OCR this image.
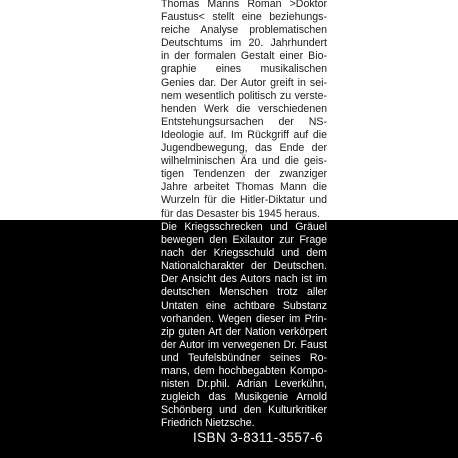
Thomas Manns Roman >Doktor
Faustus< stellt eine beziehungs-
reiche Analyse problematischen
Deutschtums im 20. Jahrhundert
in der formalen Gestalt einer Bio-
graphie eines musikalischen
Genies dar. Der Autor greift in sei-
nem wesentlich politisch zu verste-
henden Werk die verschiedenen
Entstehungsursachen der NS-
Ideologie auf. Im Rückgriff auf die
Jugendbewegung, das Ende der
wilhelminischen Ära und die geis-
tigen Tendenzen der zwanziger
Jahre arbeitet Thomas Mann die
Wurzeln für die Hitler-Diktatur und
für das Desaster bis 1945 heraus.
Die Kriegsschrecken und Gräuel
bewegen den Exilautor zur Frage
nach der Kriegsschuld und dem
Nationalcharakter der Deutschen.
Der Ansicht des Autors nach ist im
deutschen Menschen trotz aller
Untaten eine achtbare Substanz
vorhanden. Wegen dieser im Prin-
zip guten Art der Nation verkörpert
der Autor im verwegenen Dr. Faust
und Teufelsbündner seines Ro-
mans, dem hochbegabten Kompo-
nisten Dr.phil. Adrian Leverkühn,
zugleich das Musikgenie Arnold
Schönberg und den Kulturkritiker
Friedrich Nietzsche.
ISBN 3-8311-3557-6
